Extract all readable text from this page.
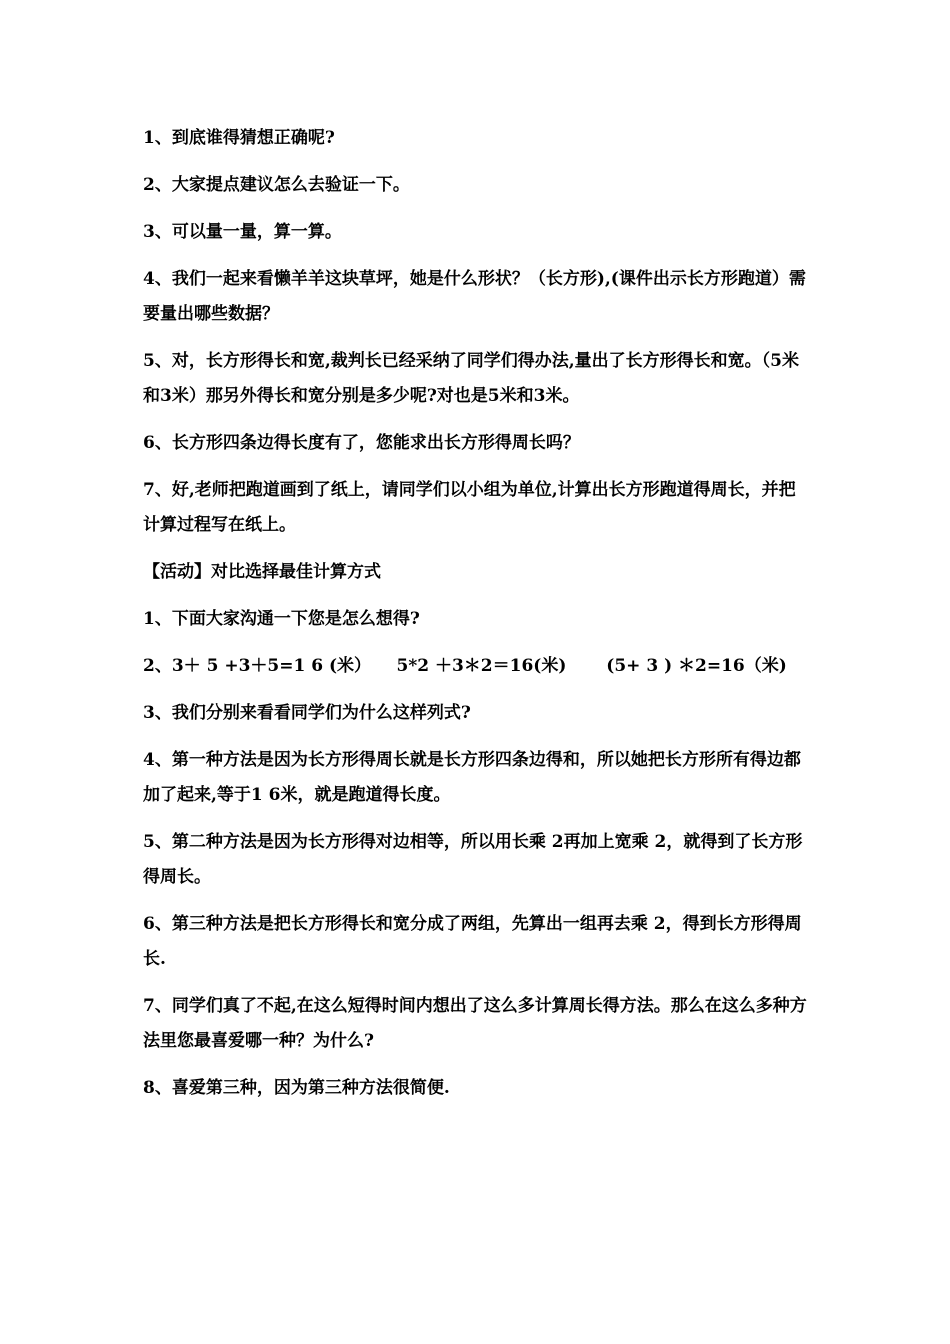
1、到底谁得猜想正确呢?

2、大家提点建议怎么去验证一下。

3、可以量一量，算一算。

4、我们一起来看懒羊羊这块草坪，她是什么形状？（长方形),(课件出示长方形跑道）需要量出哪些数据？

5、对，长方形得长和宽,裁判长已经采纳了同学们得办法,量出了长方形得长和宽。（5米和3米）那另外得长和宽分别是多少呢?对也是5米和3米。

6、长方形四条边得长度有了，您能求出长方形得周长吗？

7、好,老师把跑道画到了纸上，请同学们以小组为单位,计算出长方形跑道得周长，并把计算过程写在纸上。

【活动】对比选择最佳计算方式

1、下面大家沟通一下您是怎么想得?

2、3＋ 5 +3＋5=1 6 (米）　　5*2 ＋3＊2＝16(米)　　 (5+ 3 ) ＊2=16（米)

3、我们分别来看看同学们为什么这样列式?

4、第一种方法是因为长方形得周长就是长方形四条边得和，所以她把长方形所有得边都加了起来,等于1 6米，就是跑道得长度。

5、第二种方法是因为长方形得对边相等，所以用长乘 2再加上宽乘 2，就得到了长方形得周长。

6、第三种方法是把长方形得长和宽分成了两组，先算出一组再去乘 2，得到长方形得周长.

7、同学们真了不起,在这么短得时间内想出了这么多计算周长得方法。那么在这么多种方法里您最喜爱哪一种？为什么?

8、喜爱第三种，因为第三种方法很简便.
